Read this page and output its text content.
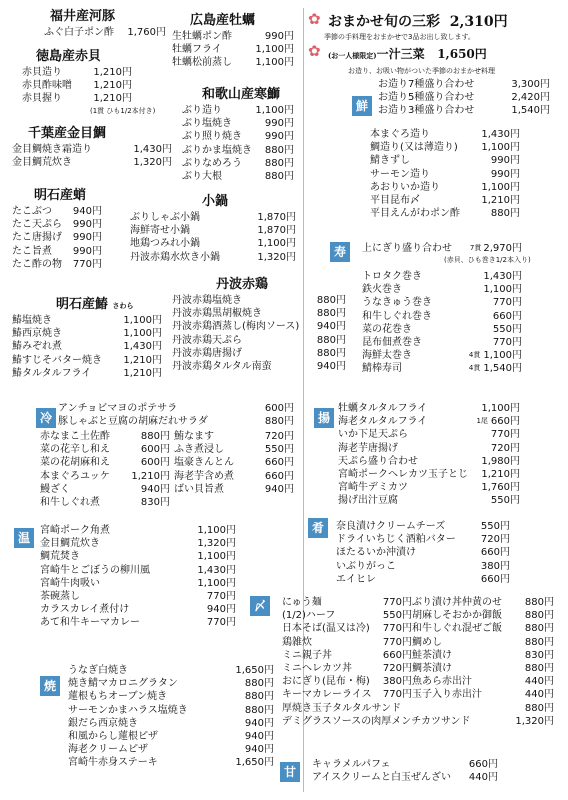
福井産河豚
ふぐ白子ポン酢	1,760円
徳島産赤貝
赤貝造り	1,210円
赤貝酢味噌	1,210円
赤貝握り	1,210円
(1貫 ひも1/2本付き)
千葉産金目鯛
金目鯛焼き霜造り	1,430円
金目鯛荒炊き	1,320円
明石産蛸
たこぶつ	940円
たこ天ぷら	990円
たこ唐揚げ	990円
たこ旨煮	990円
たこ酢の物	770円
広島産牡蠣
生牡蠣ポン酢	990円
牡蠣フライ	1,100円
牡蠣松前蒸し	1,100円
和歌山産寒鰤
ぶり造り	1,100円
ぶり塩焼き	990円
ぶり照り焼き	990円
ぶりかま塩焼き	880円
ぶりなめろう	880円
ぶり大根	880円
小鍋
ぶりしゃぶ小鍋	1,870円
海鮮寄せ小鍋	1,870円
地鶏つみれ小鍋	1,100円
丹波赤鶏水炊き小鍋	1,320円
丹波赤鶏
丹波赤鶏塩焼き	880円
丹波赤鶏黒胡椒焼き	880円
丹波赤鶏酒蒸し(梅肉ソース)	940円
丹波赤鶏天ぷら	880円
丹波赤鶏唐揚げ	880円
丹波赤鶏タルタル南蛮	940円
明石産鰆 さわら
鰆塩焼き	1,100円
鰆西京焼き	1,100円
鰆みぞれ煮	1,430円
鰆すじそバター焼き	1,210円
鰆タルタルフライ	1,210円
冷
アンチョビマヨのポテサラ	600円
豚しゃぶと豆腐の胡麻だれサラダ	880円
赤なまこ土佐酢	880円
菜の花辛し和え	600円
菜の花胡麻和え	600円
本まぐろユッケ	1,210円
鰻ざく	940円
和牛しぐれ煮	830円
鮪なます	720円
ふき煮浸し	550円
塩豪きんとん	660円
海老芋含め煮	660円
ばい貝旨煮	940円
温
宮崎ポーク角煮	1,100円
金目鯛荒炊き	1,320円
鯛荒焚き	1,100円
宮崎牛とごぼうの柳川風	1,430円
宮崎牛肉吸い	1,100円
茶碗蒸し	770円
カラスカレイ煮付け	940円
あて和牛キーマカレー	770円
焼
うなぎ白焼き	1,650円
焼き鯖マカロニグラタン	880円
蓮根もちオーブン焼き	880円
サーモンかまハラス塩焼き	880円
銀だら西京焼き	940円
和風からし蓮根ピザ	940円
海老クリームピザ	940円
宮崎牛赤身ステーキ	1,650円
✿ おまかせ旬の三彩 2,310円
季節の手料理をおまかせで3品お出し致します。
✿ (お一人様限定)一汁三菜 1,650円
お造り、お吸い物がついた季節のおまかせ料理
鮮
お造り7種盛り合わせ	3,300円
お造り5種盛り合わせ	2,420円
お造り3種盛り合わせ	1,540円
本まぐろ造り	1,430円
鯛造り(又は薄造り)	1,100円
鯖きずし	990円
サーモン造り	990円
あおりいか造り	1,100円
平目昆布〆	1,210円
平目えんがわポン酢	880円
寿	上にぎり盛り合わせ	7貫 2,970円
(赤貝、ひも巻き1/2本入り)
トロタク巻き	1,430円
鉄火巻き	1,100円
うなきゅう巻き	770円
和牛しぐれ巻き	660円
菜の花巻き	550円
昆布佃煮巻き	770円
海鮮太巻き	4貫 1,100円
鯖棒寿司	4貫 1,540円
揚
牡蠣タルタルフライ	1,100円
海老タルタルフライ	1尾 660円
いか下足天ぷら	770円
海老芋唐揚げ	720円
天ぷら盛り合わせ	1,980円
宮崎ポークへレカツ玉子とじ	1,210円
宮崎牛デミカツ	1,760円
揚げ出汁豆腐	550円
肴	奈良漬けクリームチーズ	550円
ドライいちじく酒粕バター	720円
ほたるいか沖漬け	660円
いぶりがっこ	380円
エイヒレ	660円
〆	にゅう麺	770円
(1/2)ハーフ	550円
日本そば(温又は冷)	770円
鶏雑炊	770円
ミニ親子丼	660円
ミニへレカツ丼	720円
おにぎり(昆布・梅)	380円
キーマカレーライス	770円
ぶり漬け丼仲黄のせ	880円
胡麻しそおかか御飯	880円
和牛しぐれ混ぜご飯	880円
鯛めし	880円
鮭茶漬け	830円
鯛茶漬け	880円
魚あら赤出汁	440円
玉子入り赤出汁	440円
厚焼き玉子タルタルサンド	880円
デミグラスソースの肉厚メンチカツサンド	1,320円
甘
キャラメルパフェ	660円
アイスクリームと白玉ぜんざい	440円
